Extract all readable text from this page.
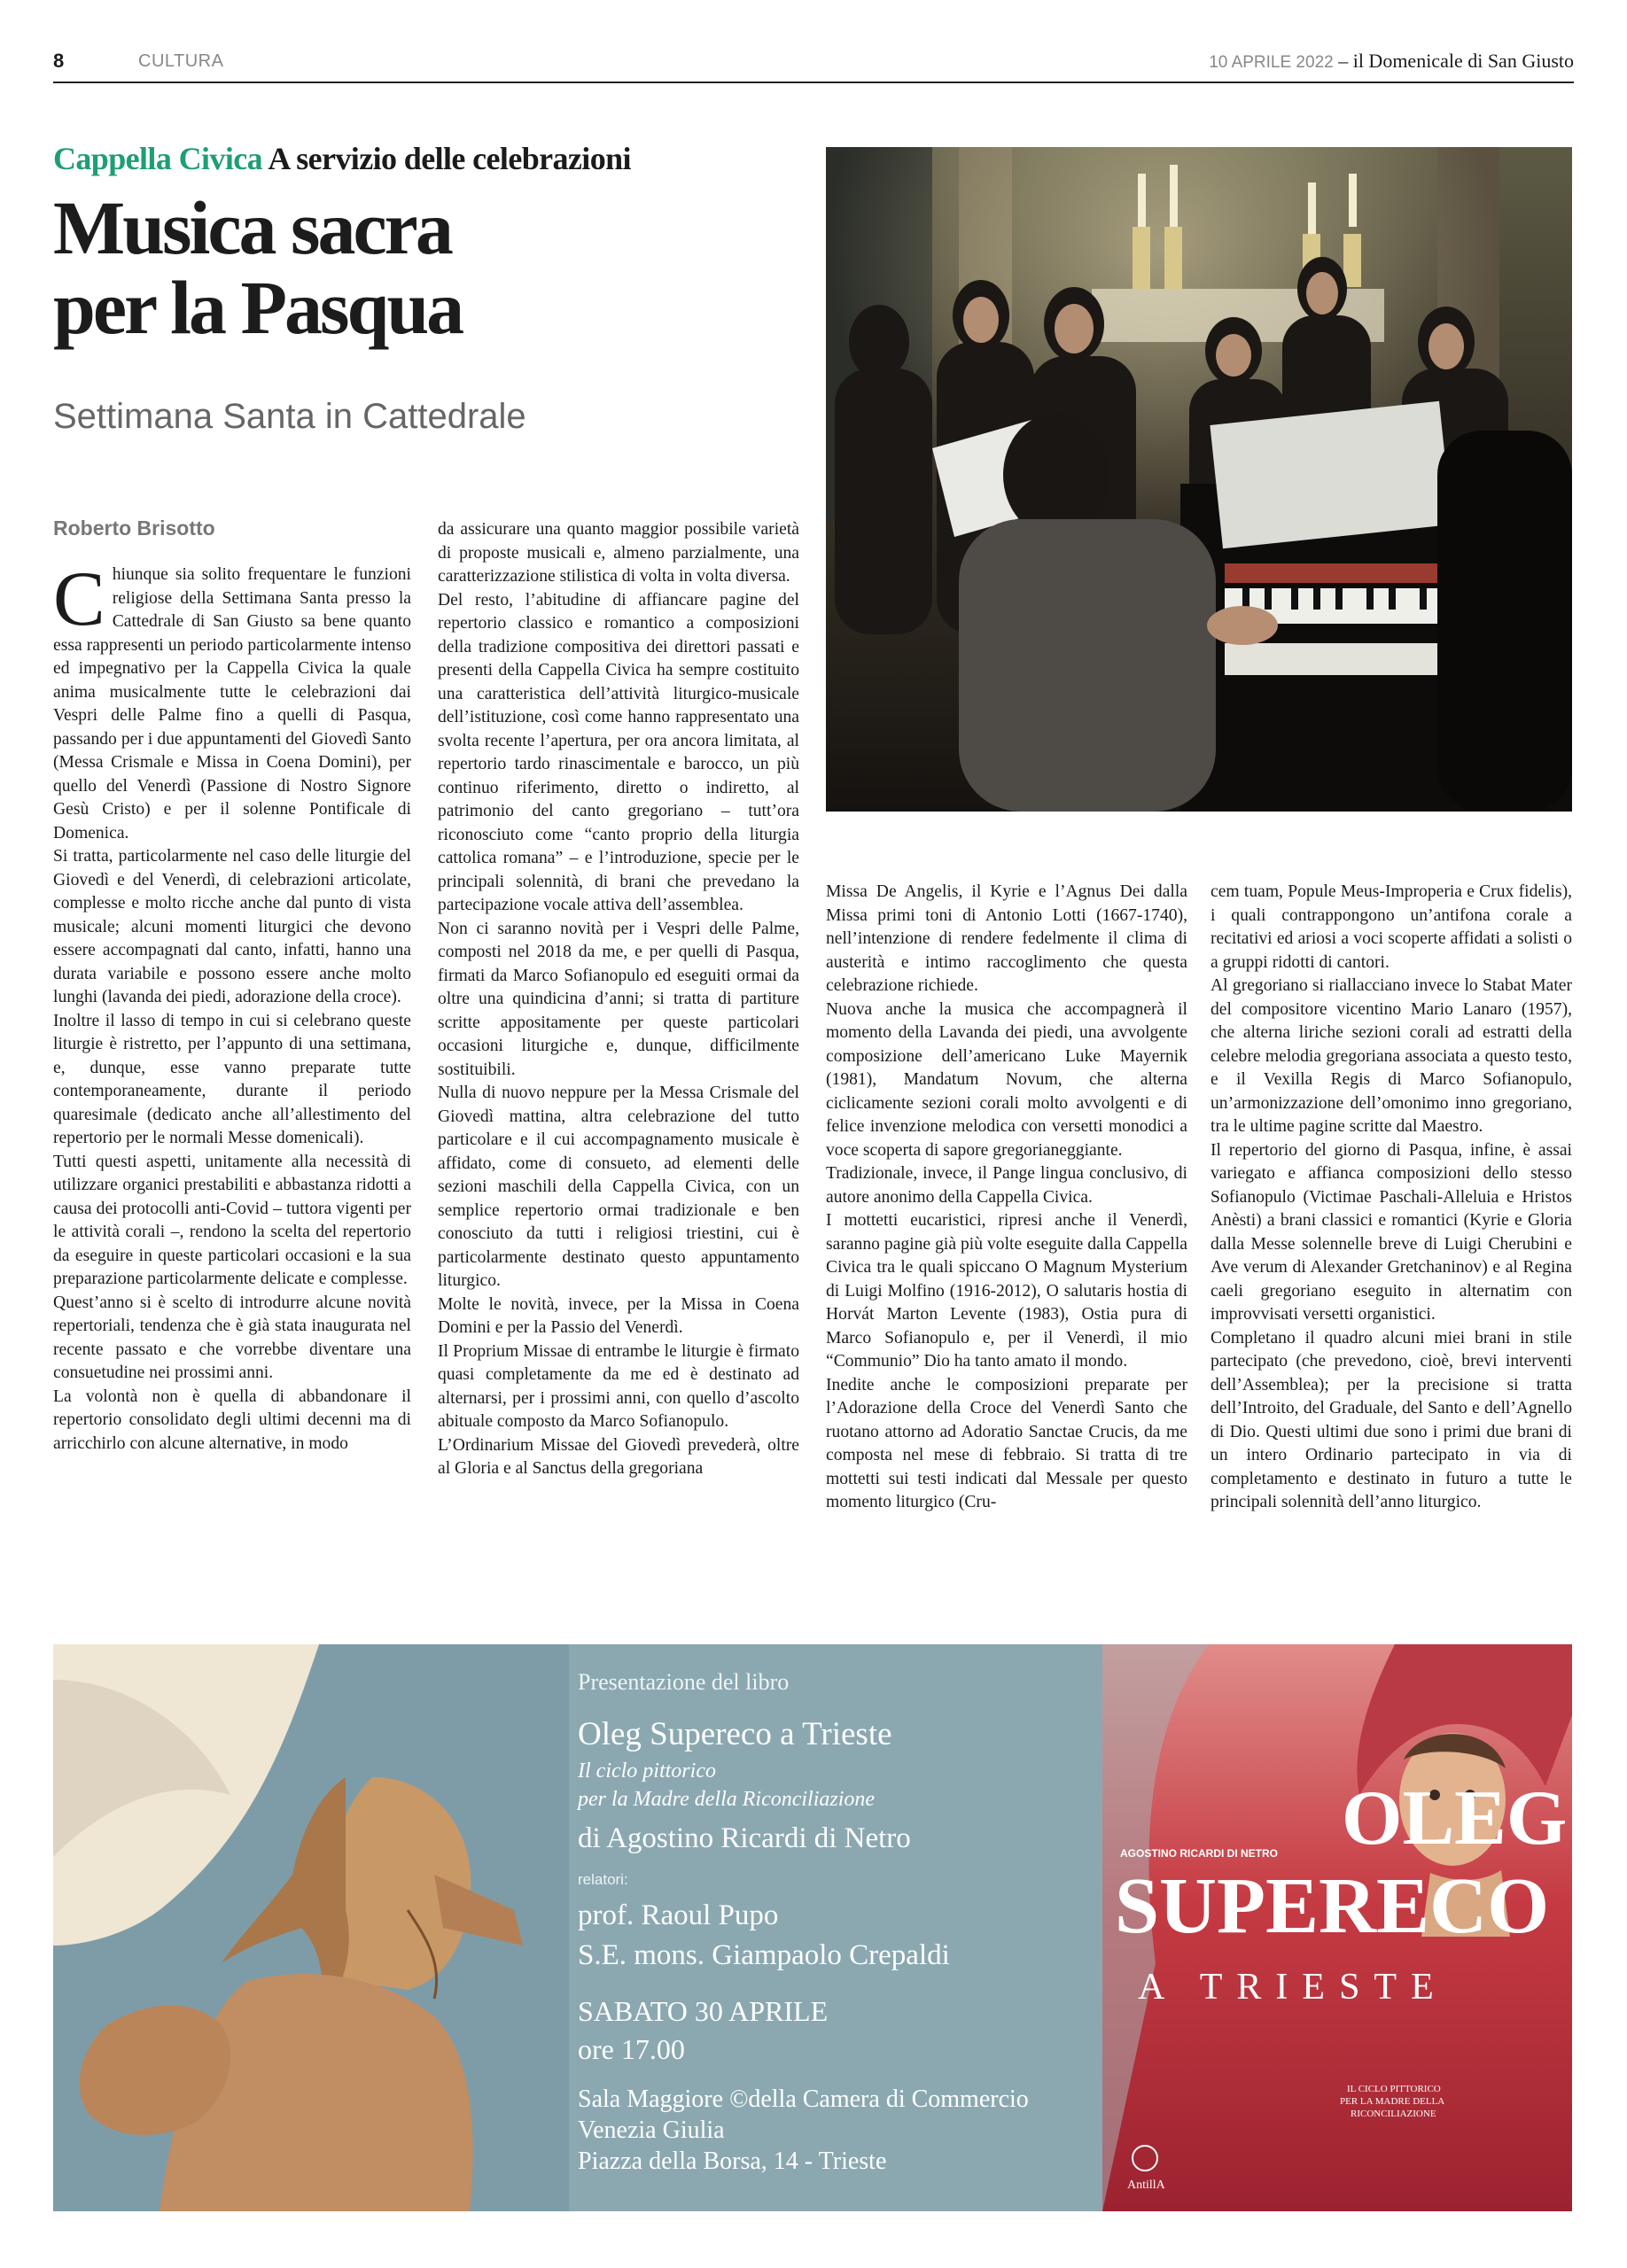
8	CULTURA	10 APRILE 2022 – il Domenicale di San Giusto
Cappella Civica A servizio delle celebrazioni
Musica sacra
per la Pasqua
Settimana Santa in Cattedrale
Roberto Brisotto

Chiunque sia solito frequentare le funzioni religiose della Settimana Santa presso la Cattedrale di San Giusto sa bene quanto essa rappresenti un periodo particolarmente intenso ed impegnativo per la Cappella Civica la quale anima musicalmente tutte le celebrazioni dai Vespri delle Palme fino a quelli di Pasqua, passando per i due appuntamenti del Giovedì Santo (Messa Crismale e Missa in Coena Domini), per quello del Venerdì (Passione di Nostro Signore Gesù Cristo) e per il solenne Pontificale di Domenica.

Si tratta, particolarmente nel caso delle liturgie del Giovedì e del Venerdì, di celebrazioni articolate, complesse e molto ricche anche dal punto di vista musicale; alcuni momenti liturgici che devono essere accompagnati dal canto, infatti, hanno una durata variabile e possono essere anche molto lunghi (lavanda dei piedi, adorazione della croce).

Inoltre il lasso di tempo in cui si celebrano queste liturgie è ristretto, per l’appunto di una settimana, e, dunque, esse vanno preparate tutte contemporaneamente, durante il periodo quaresimale (dedicato anche all’allestimento del repertorio per le normali Messe domenicali).

Tutti questi aspetti, unitamente alla necessità di utilizzare organici prestabiliti e abbastanza ridotti a causa dei protocolli anti-Covid – tuttora vigenti per le attività corali –, rendono la scelta del repertorio da eseguire in queste particolari occasioni e la sua preparazione particolarmente delicate e complesse.

Quest’anno si è scelto di introdurre alcune novità repertoriali, tendenza che è già stata inaugurata nel recente passato e che vorrebbe diventare una consuetudine nei prossimi anni.

La volontà non è quella di abbandonare il repertorio consolidato degli ultimi decenni ma di arricchirlo con alcune alternative, in modo

da assicurare una quanto maggior possibile varietà di proposte musicali e, almeno parzialmente, una caratterizzazione stilistica di volta in volta diversa.

Del resto, l’abitudine di affiancare pagine del repertorio classico e romantico a composizioni della tradizione compositiva dei direttori passati e presenti della Cappella Civica ha sempre costituito una caratteristica dell’attività liturgico-musicale dell’istituzione, così come hanno rappresentato una svolta recente l’apertura, per ora ancora limitata, al repertorio tardo rinascimentale e barocco, un più continuo riferimento, diretto o indiretto, al patrimonio del canto gregoriano – tutt’ora riconosciuto come “canto proprio della liturgia cattolica romana” – e l’introduzione, specie per le principali solennità, di brani che prevedano la partecipazione vocale attiva dell’assemblea.

Non ci saranno novità per i Vespri delle Palme, composti nel 2018 da me, e per quelli di Pasqua, firmati da Marco Sofianopulo ed eseguiti ormai da oltre una quindicina d’anni; si tratta di partiture scritte appositamente per queste particolari occasioni liturgiche e, dunque, difficilmente sostituibili.

Nulla di nuovo neppure per la Messa Crismale del Giovedì mattina, altra celebrazione del tutto particolare e il cui accompagnamento musicale è affidato, come di consueto, ad elementi delle sezioni maschili della Cappella Civica, con un semplice repertorio ormai tradizionale e ben conosciuto da tutti i religiosi triestini, cui è particolarmente destinato questo appuntamento liturgico.

Molte le novità, invece, per la Missa in Coena Domini e per la Passio del Venerdì.

Il Proprium Missae di entrambe le liturgie è firmato quasi completamente da me ed è destinato ad alternarsi, per i prossimi anni, con quello d’ascolto abituale composto da Marco Sofianopulo.

L’Ordinarium Missae del Giovedì prevederà, oltre al Gloria e al Sanctus della gregoriana

Missa De Angelis, il Kyrie e l’Agnus Dei dalla Missa primi toni di Antonio Lotti (1667-1740), nell’intenzione di rendere fedelmente il clima di austerità e intimo raccoglimento che questa celebrazione richiede.

Nuova anche la musica che accompagnerà il momento della Lavanda dei piedi, una avvolgente composizione dell’americano Luke Mayernik (1981), Mandatum Novum, che alterna ciclicamente sezioni corali molto avvolgenti e di felice invenzione melodica con versetti monodici a voce scoperta di sapore gregorianeggiante.

Tradizionale, invece, il Pange lingua conclusivo, di autore anonimo della Cappella Civica.

I mottetti eucaristici, ripresi anche il Venerdì, saranno pagine già più volte eseguite dalla Cappella Civica tra le quali spiccano O Magnum Mysterium di Luigi Molfino (1916-2012), O salutaris hostia di Horvát Marton Levente (1983), Ostia pura di Marco Sofianopulo e, per il Venerdì, il mio “Communio” Dio ha tanto amato il mondo.

Inedite anche le composizioni preparate per l’Adorazione della Croce del Venerdì Santo che ruotano attorno ad Adoratio Sanctae Crucis, da me composta nel mese di febbraio. Si tratta di tre mottetti sui testi indicati dal Messale per questo momento liturgico (Cru-

cem tuam, Popule Meus-Improperia e Crux fidelis), i quali contrappongono un’antifona corale a recitativi ed ariosi a voci scoperte affidati a solisti o a gruppi ridotti di cantori.

Al gregoriano si riallacciano invece lo Stabat Mater del compositore vicentino Mario Lanaro (1957), che alterna liriche sezioni corali ad estratti della celebre melodia gregoriana associata a questo testo, e il Vexilla Regis di Marco Sofianopulo, un’armonizzazione dell’omonimo inno gregoriano, tra le ultime pagine scritte dal Maestro.

Il repertorio del giorno di Pasqua, infine, è assai variegato e affianca composizioni dello stesso Sofianopulo (Victimae Paschali-Alleluia e Hristos Anèsti) a brani classici e romantici (Kyrie e Gloria dalla Messe solennelle breve di Luigi Cherubini e Ave verum di Alexander Gretchaninov) e al Regina caeli gregoriano eseguito in alternatim con improvvisati versetti organistici.

Completano il quadro alcuni miei brani in stile partecipato (che prevedono, cioè, brevi interventi dell’Assemblea); per la precisione si tratta dell’Introito, del Graduale, del Santo e dell’Agnello di Dio. Questi ultimi due sono i primi due brani di un intero Ordinario partecipato in via di completamento e destinato in futuro a tutte le principali solennità dell’anno liturgico.

Presentazione del libro
Oleg Supereco a Trieste
Il ciclo pittorico
per la Madre della Riconciliazione
di Agostino Ricardi di Netro
relatori:
prof. Raoul Pupo
S.E. mons. Giampaolo Crepaldi
SABATO 30 APRILE
ore 17.00
Sala Maggiore ©della Camera di Commercio
Venezia Giulia
Piazza della Borsa, 14 - Trieste
AGOSTINO RICARDI DI NETRO OLEG
SUPERECO
A TRIESTE
IL CICLO PITTORICO
PER LA MADRE DELLA
RICONCILIAZIONE
AntillA
